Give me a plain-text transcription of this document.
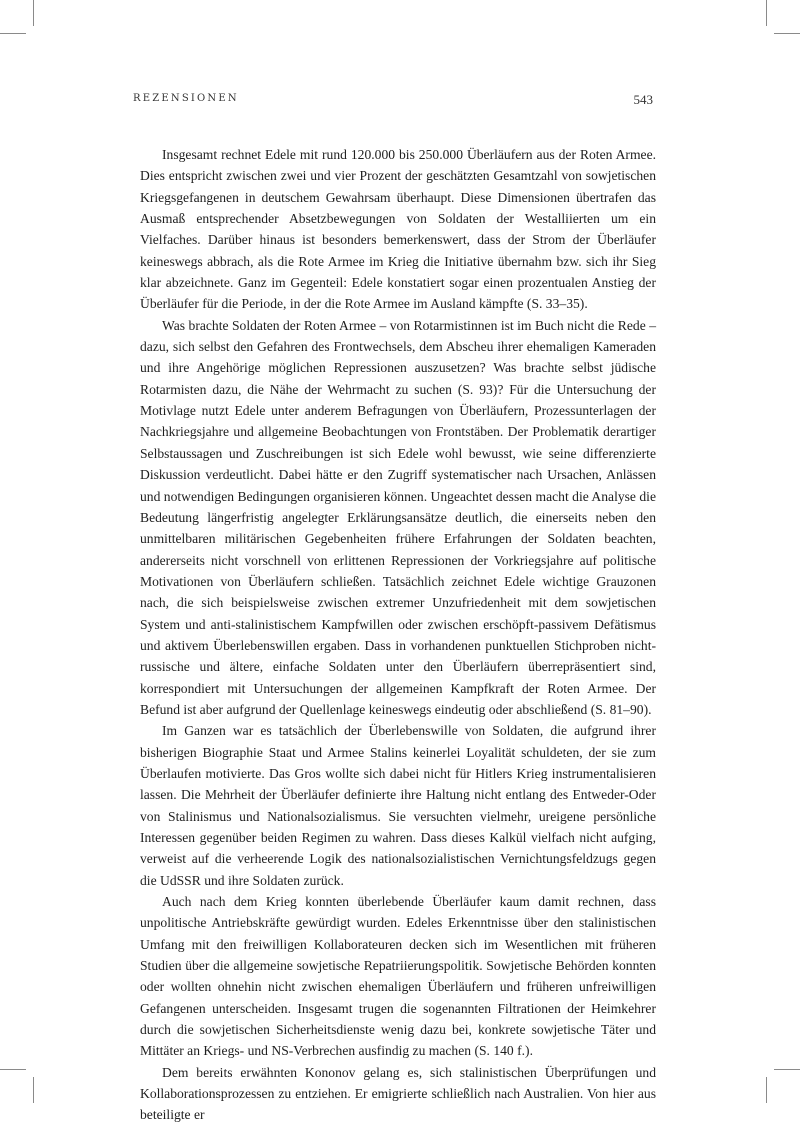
REZENSIONEN	543

Insgesamt rechnet Edele mit rund 120.000 bis 250.000 Überläufern aus der Roten Armee. Dies entspricht zwischen zwei und vier Prozent der geschätzten Gesamtzahl von sowjetischen Kriegsgefangenen in deutschem Gewahrsam überhaupt. Diese Dimensionen übertrafen das Ausmaß entsprechender Absetzbewegungen von Soldaten der Westalliierten um ein Vielfaches. Darüber hinaus ist besonders bemerkenswert, dass der Strom der Überläufer keineswegs abbrach, als die Rote Armee im Krieg die Initiative übernahm bzw. sich ihr Sieg klar abzeichnete. Ganz im Gegenteil: Edele konstatiert sogar einen prozentualen Anstieg der Überläufer für die Periode, in der die Rote Armee im Ausland kämpfte (S. 33–35).

Was brachte Soldaten der Roten Armee – von Rotarmistinnen ist im Buch nicht die Rede – dazu, sich selbst den Gefahren des Frontwechsels, dem Abscheu ihrer ehemaligen Kameraden und ihre Angehörige möglichen Repressionen auszusetzen? Was brachte selbst jüdische Rotarmisten dazu, die Nähe der Wehrmacht zu suchen (S. 93)? Für die Untersuchung der Motivlage nutzt Edele unter anderem Befragungen von Überläufern, Prozessunterlagen der Nachkriegsjahre und allgemeine Beobachtungen von Frontstäben. Der Problematik derartiger Selbstaussagen und Zuschreibungen ist sich Edele wohl bewusst, wie seine differenzierte Diskussion verdeutlicht. Dabei hätte er den Zugriff systematischer nach Ursachen, Anlässen und notwendigen Bedingungen organisieren können. Ungeachtet dessen macht die Analyse die Bedeutung längerfristig angelegter Erklärungsansätze deutlich, die einerseits neben den unmittelbaren militärischen Gegebenheiten frühere Erfahrungen der Soldaten beachten, andererseits nicht vorschnell von erlittenen Repressionen der Vorkriegsjahre auf politische Motivationen von Überläufern schließen. Tatsächlich zeichnet Edele wichtige Grauzonen nach, die sich beispielsweise zwischen extremer Unzufriedenheit mit dem sowjetischen System und anti-stalinistischem Kampfwillen oder zwischen erschöpft-passivem Defätismus und aktivem Überlebenswillen ergaben. Dass in vorhandenen punktuellen Stichproben nicht-russische und ältere, einfache Soldaten unter den Überläufern überrepräsentiert sind, korrespondiert mit Untersuchungen der allgemeinen Kampfkraft der Roten Armee. Der Befund ist aber aufgrund der Quellenlage keineswegs eindeutig oder abschließend (S. 81–90).

Im Ganzen war es tatsächlich der Überlebenswille von Soldaten, die aufgrund ihrer bisherigen Biographie Staat und Armee Stalins keinerlei Loyalität schuldeten, der sie zum Überlaufen motivierte. Das Gros wollte sich dabei nicht für Hitlers Krieg instrumentalisieren lassen. Die Mehrheit der Überläufer definierte ihre Haltung nicht entlang des Entweder-Oder von Stalinismus und Nationalsozialismus. Sie versuchten vielmehr, ureigene persönliche Interessen gegenüber beiden Regimen zu wahren. Dass dieses Kalkül vielfach nicht aufging, verweist auf die verheerende Logik des nationalsozialistischen Vernichtungsfeldzugs gegen die UdSSR und ihre Soldaten zurück.

Auch nach dem Krieg konnten überlebende Überläufer kaum damit rechnen, dass unpolitische Antriebskräfte gewürdigt wurden. Edeles Erkenntnisse über den stalinistischen Umfang mit den freiwilligen Kollaborateuren decken sich im Wesentlichen mit früheren Studien über die allgemeine sowjetische Repatriierungspolitik. Sowjetische Behörden konnten oder wollten ohnehin nicht zwischen ehemaligen Überläufern und früheren unfreiwilligen Gefangenen unterscheiden. Insgesamt trugen die sogenannten Filtrationen der Heimkehrer durch die sowjetischen Sicherheitsdienste wenig dazu bei, konkrete sowjetische Täter und Mittäter an Kriegs- und NS-Verbrechen ausfindig zu machen (S. 140 f.).

Dem bereits erwähnten Kononov gelang es, sich stalinistischen Überprüfungen und Kollaborationsprozessen zu entziehen. Er emigrierte schließlich nach Australien. Von hier aus beteiligte er
